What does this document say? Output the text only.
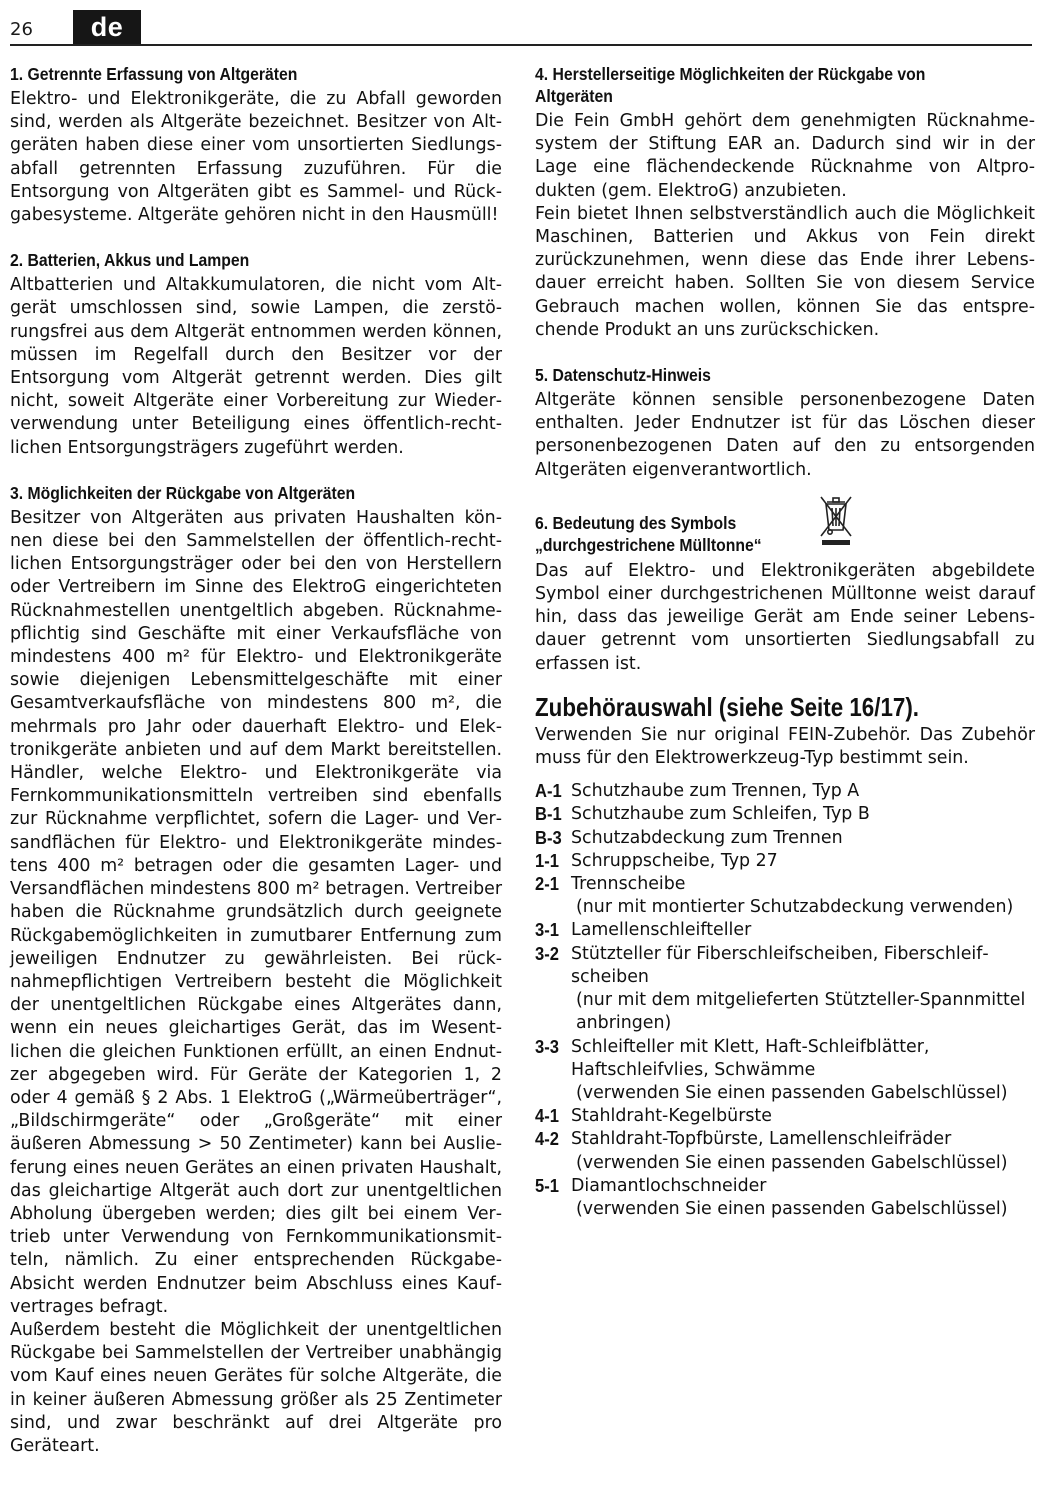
26	de
1. Getrennte Erfassung von Altgeräten

Elektro- und Elektronikgeräte, die zu Abfall geworden sind, werden als Altgeräte bezeichnet. Besitzer von Altgeräten haben diese einer vom unsortierten Siedlungsabfall getrennten Erfassung zuzuführen. Für die Entsorgung von Altgeräten gibt es Sammel- und Rückgabesysteme. Altgeräte gehören nicht in den Hausmüll!

2. Batterien, Akkus und Lampen

Altbatterien und Altakkumulatoren, die nicht vom Altgerät umschlossen sind, sowie Lampen, die zerstörungsfrei aus dem Altgerät entnommen werden können, müssen im Regelfall durch den Besitzer vor der Entsorgung vom Altgerät getrennt werden. Dies gilt nicht, soweit Altgeräte einer Vorbereitung zur Wiederverwendung unter Beteiligung eines öffentlich-rechtlichen Entsorgungsträgers zugeführt werden.

3. Möglichkeiten der Rückgabe von Altgeräten

Besitzer von Altgeräten aus privaten Haushalten können diese bei den Sammelstellen der öffentlich-rechtlichen Entsorgungsträger oder bei den von Herstellern oder Vertreibern im Sinne des ElektroG eingerichteten Rücknahmestellen unentgeltlich abgeben. Rücknahmepflichtig sind Geschäfte mit einer Verkaufsfläche von mindestens 400 m² für Elektro- und Elektronikgeräte sowie diejenigen Lebensmittelgeschäfte mit einer Gesamtverkaufsfläche von mindestens 800 m², die mehrmals pro Jahr oder dauerhaft Elektro- und Elektronikgeräte anbieten und auf dem Markt bereitstellen. Händler, welche Elektro- und Elektronikgeräte via Fernkommunikationsmitteln vertreiben sind ebenfalls zur Rücknahme verpflichtet, sofern die Lager- und Versandflächen für Elektro- und Elektronikgeräte mindestens 400 m² betragen oder die gesamten Lager- und Versandflächen mindestens 800 m² betragen. Vertreiber haben die Rücknahme grundsätzlich durch geeignete Rückgabemöglichkeiten in zumutbarer Entfernung zum jeweiligen Endnutzer zu gewährleisten. Bei rücknahmepflichtigen Vertreibern besteht die Möglichkeit der unentgeltlichen Rückgabe eines Altgerätes dann, wenn ein neues gleichartiges Gerät, das im Wesentlichen die gleichen Funktionen erfüllt, an einen Endnutzer abgegeben wird. Für Geräte der Kategorien 1, 2 oder 4 gemäß § 2 Abs. 1 ElektroG („Wärmeüberträger“, „Bildschirmgeräte“ oder „Großgeräte“ mit einer äußeren Abmessung > 50 Zentimeter) kann bei Auslieferung eines neuen Gerätes an einen privaten Haushalt, das gleichartige Altgerät auch dort zur unentgeltlichen Abholung übergeben werden; dies gilt bei einem Vertrieb unter Verwendung von Fernkommunikationsmitteln, nämlich. Zu einer entsprechenden Rückgabe-Absicht werden Endnutzer beim Abschluss eines Kaufvertrages befragt.

Außerdem besteht die Möglichkeit der unentgeltlichen Rückgabe bei Sammelstellen der Vertreiber unabhängig vom Kauf eines neuen Gerätes für solche Altgeräte, die in keiner äußeren Abmessung größer als 25 Zentimeter sind, und zwar beschränkt auf drei Altgeräte pro Geräteart.

4. Herstellerseitige Möglichkeiten der Rückgabe von
Altgeräten

Die Fein GmbH gehört dem genehmigten Rücknahmesystem der Stiftung EAR an. Dadurch sind wir in der Lage eine flächendeckende Rücknahme von Altprodukten (gem. ElektroG) anzubieten.

Fein bietet Ihnen selbstverständlich auch die Möglichkeit Maschinen, Batterien und Akkus von Fein direkt zurückzunehmen, wenn diese das Ende ihrer Lebensdauer erreicht haben. Sollten Sie von diesem Service Gebrauch machen wollen, können Sie das entsprechende Produkt an uns zurückschicken.

5. Datenschutz-Hinweis

Altgeräte können sensible personenbezogene Daten enthalten. Jeder Endnutzer ist für das Löschen dieser personenbezogenen Daten auf den zu entsorgenden Altgeräten eigenverantwortlich.

6. Bedeutung des Symbols
„durchgestrichene Mülltonne“

Das auf Elektro- und Elektronikgeräten abgebildete Symbol einer durchgestrichenen Mülltonne weist darauf hin, dass das jeweilige Gerät am Ende seiner Lebensdauer getrennt vom unsortierten Siedlungsabfall zu erfassen ist.

Zubehörauswahl (siehe Seite 16/17).

Verwenden Sie nur original FEIN-Zubehör. Das Zubehör muss für den Elektrowerkzeug-Typ bestimmt sein.

A-1 Schutzhaube zum Trennen, Typ A
B-1 Schutzhaube zum Schleifen, Typ B
B-3 Schutzabdeckung zum Trennen
1-1 Schruppscheibe, Typ 27
2-1 Trennscheibe
(nur mit montierter Schutzabdeckung verwenden)
3-1 Lamellenschleifteller
3-2 Stützteller für Fiberschleifscheiben, Fiberschleifscheiben
(nur mit dem mitgelieferten Stützteller-Spannmittel anbringen)
3-3 Schleifteller mit Klett, Haft-Schleifblätter, Haftschleifvlies, Schwämme
(verwenden Sie einen passenden Gabelschlüssel)
4-1 Stahldraht-Kegelbürste
4-2 Stahldraht-Topfbürste, Lamellenschleifräder
(verwenden Sie einen passenden Gabelschlüssel)
5-1 Diamantlochschneider
(verwenden Sie einen passenden Gabelschlüssel)
